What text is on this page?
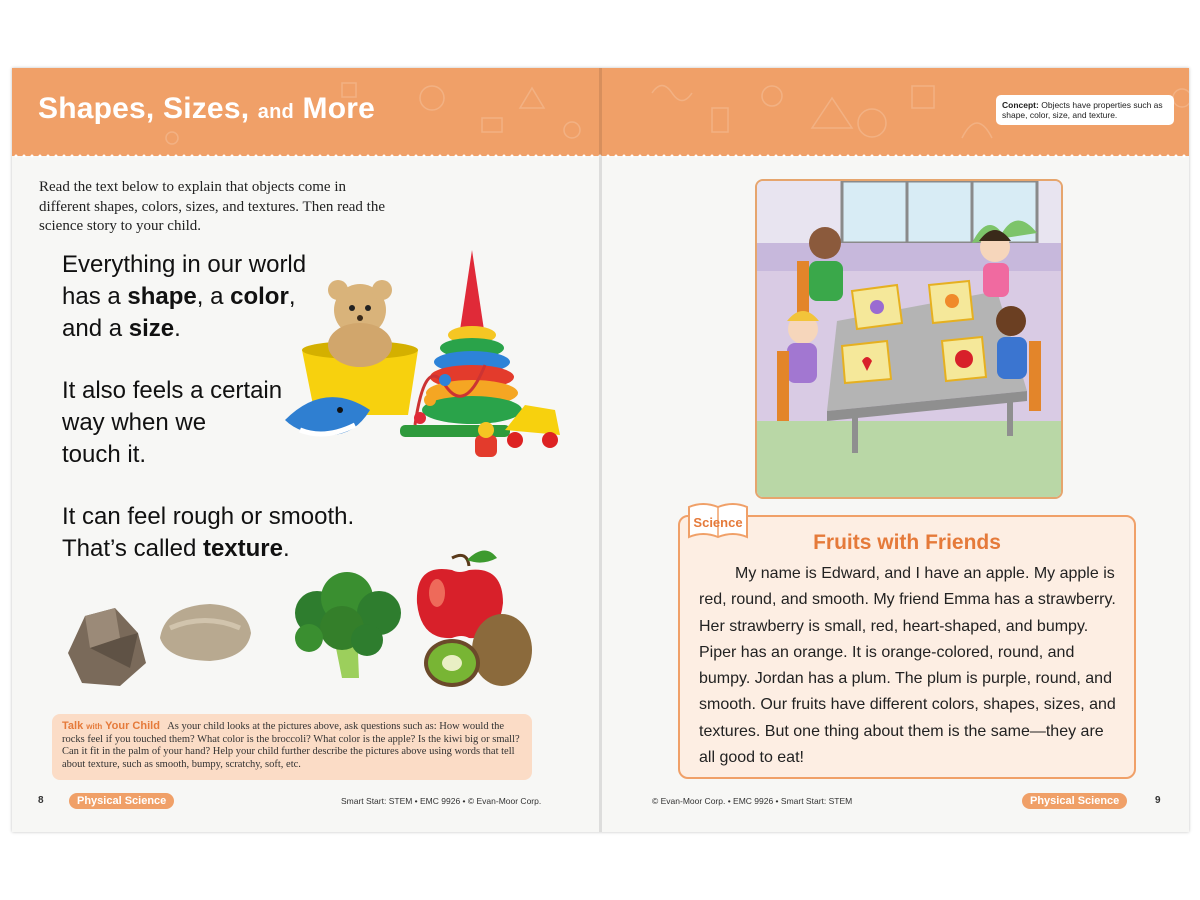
Shapes, Sizes, and More	Concept: Objects have properties such as shape, color, size, and texture.
Read the text below to explain that objects come in different shapes, colors, sizes, and textures. Then read the science story to your child.
Everything in our world
has a shape, a color,
and a size.
It also feels a certain
way when we
touch it.
It can feel rough or smooth.
That’s called texture.
Talk with Your Child As your child looks at the pictures above, ask questions such as: How would the rocks feel if you touched them? What color is the broccoli? What color is the apple? Is the kiwi big or small? Can it fit in the palm of your hand? Help your child further describe the pictures above using words that tell about texture, such as smooth, bumpy, scratchy, soft, etc.
8	Physical Science	Smart Start: STEM • EMC 9926 • © Evan-Moor Corp.
Fruits with Friends
My name is Edward, and I have an apple. My apple is red, round, and smooth. My friend Emma has a strawberry. Her strawberry is small, red, heart-shaped, and bumpy. Piper has an orange. It is orange-colored, round, and bumpy. Jordan has a plum. The plum is purple, round, and smooth. Our fruits have different colors, shapes, sizes, and textures. But one thing about them is the same—they are all good to eat!
Science
© Evan-Moor Corp. • EMC 9926 • Smart Start: STEM	Physical Science	9
